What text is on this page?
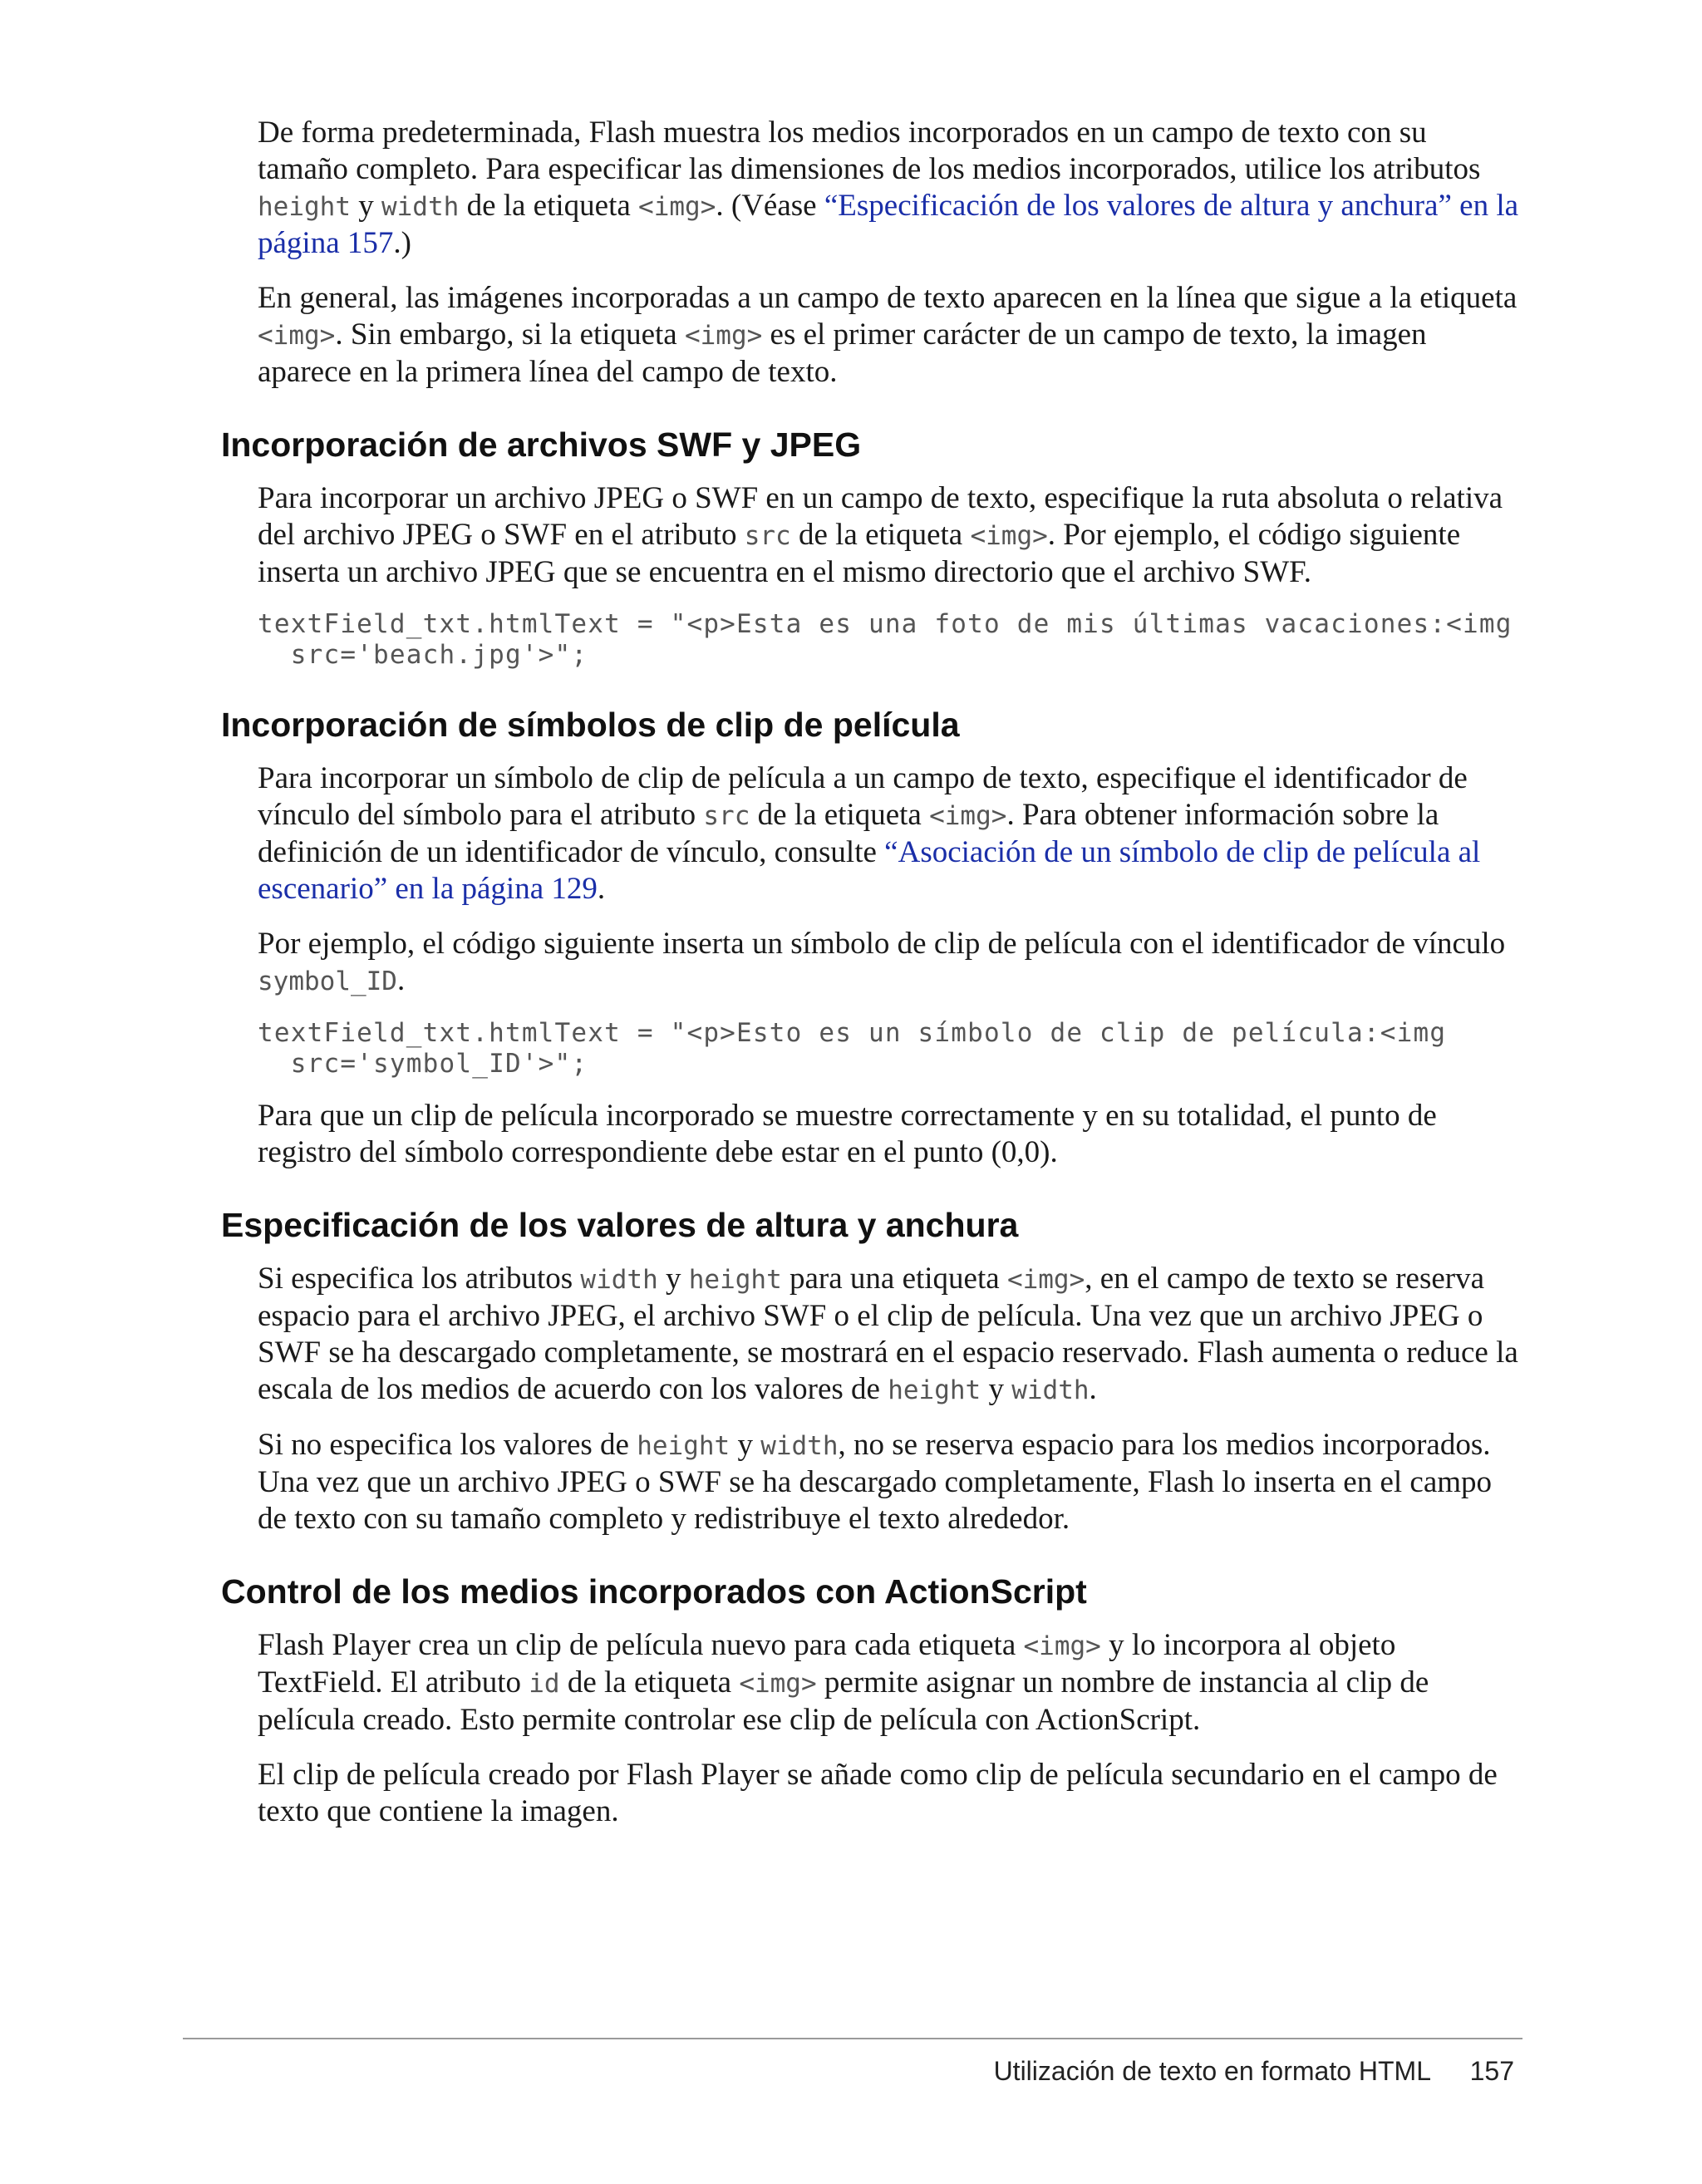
De forma predeterminada, Flash muestra los medios incorporados en un campo de texto con su tamaño completo. Para especificar las dimensiones de los medios incorporados, utilice los atributos height y width de la etiqueta <img>. (Véase “Especificación de los valores de altura y anchura” en la página 157.)

En general, las imágenes incorporadas a un campo de texto aparecen en la línea que sigue a la etiqueta <img>. Sin embargo, si la etiqueta <img> es el primer carácter de un campo de texto, la imagen aparece en la primera línea del campo de texto.

Incorporación de archivos SWF y JPEG

Para incorporar un archivo JPEG o SWF en un campo de texto, especifique la ruta absoluta o relativa del archivo JPEG o SWF en el atributo src de la etiqueta <img>. Por ejemplo, el código siguiente inserta un archivo JPEG que se encuentra en el mismo directorio que el archivo SWF.

textField_txt.htmlText = "<p>Esta es una foto de mis últimas vacaciones:<img
src='beach.jpg'>";
Incorporación de símbolos de clip de película

Para incorporar un símbolo de clip de película a un campo de texto, especifique el identificador de vínculo del símbolo para el atributo src de la etiqueta <img>. Para obtener información sobre la definición de un identificador de vínculo, consulte “Asociación de un símbolo de clip de película al escenario” en la página 129.

Por ejemplo, el código siguiente inserta un símbolo de clip de película con el identificador de vínculo symbol_ID.

textField_txt.htmlText = "<p>Esto es un símbolo de clip de película:<img
src='symbol_ID'>";

Para que un clip de película incorporado se muestre correctamente y en su totalidad, el punto de registro del símbolo correspondiente debe estar en el punto (0,0).

Especificación de los valores de altura y anchura

Si especifica los atributos width y height para una etiqueta <img>, en el campo de texto se reserva espacio para el archivo JPEG, el archivo SWF o el clip de película. Una vez que un archivo JPEG o SWF se ha descargado completamente, se mostrará en el espacio reservado. Flash aumenta o reduce la escala de los medios de acuerdo con los valores de height y width.

Si no especifica los valores de height y width, no se reserva espacio para los medios incorporados. Una vez que un archivo JPEG o SWF se ha descargado completamente, Flash lo inserta en el campo de texto con su tamaño completo y redistribuye el texto alrededor.

Control de los medios incorporados con ActionScript

Flash Player crea un clip de película nuevo para cada etiqueta <img> y lo incorpora al objeto TextField. El atributo id de la etiqueta <img> permite asignar un nombre de instancia al clip de película creado. Esto permite controlar ese clip de película con ActionScript.

El clip de película creado por Flash Player se añade como clip de película secundario en el campo de texto que contiene la imagen.

Utilización de texto en formato HTML 157
